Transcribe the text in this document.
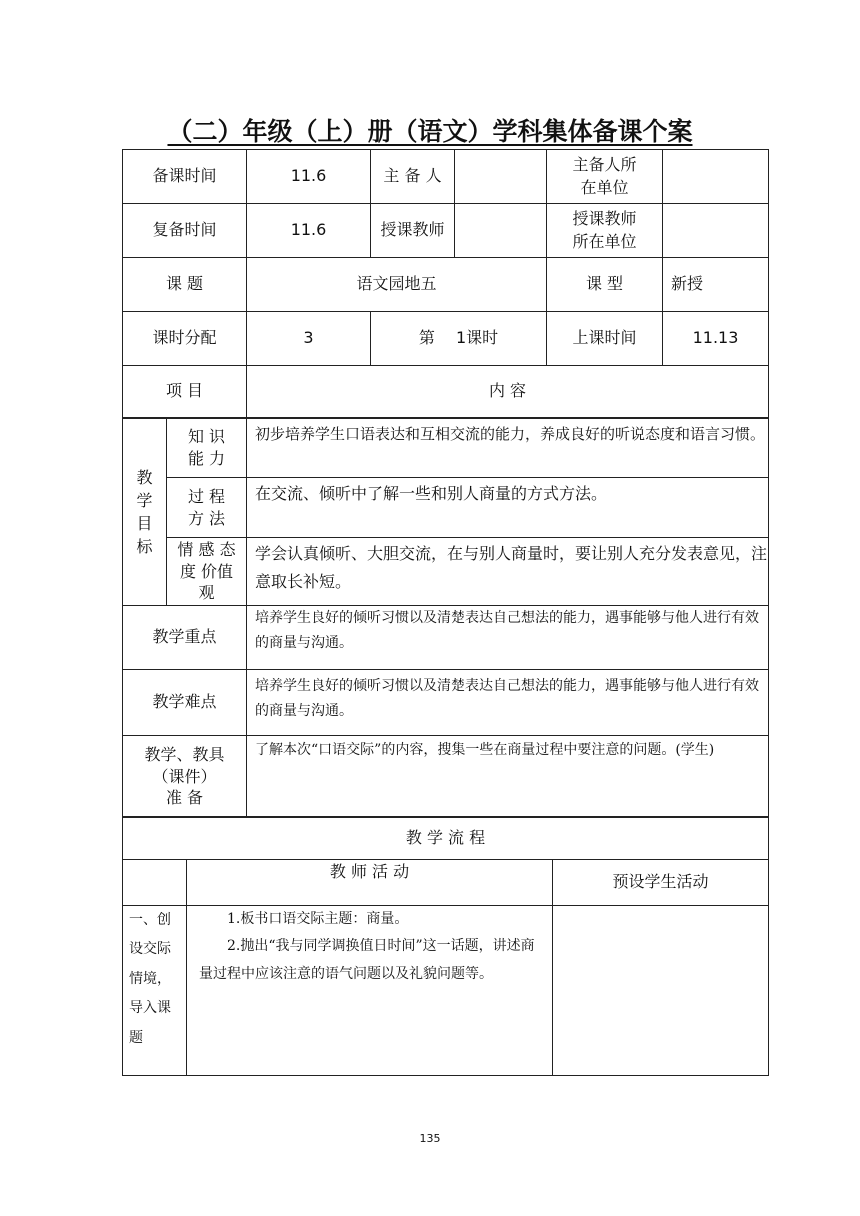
（二）年级（上）册（语文）学科集体备课个案
备课时间	11.6	主 备 人		主备人所在单位	
复备时间	11.6	授课教师		授课教师所在单位	
课 题	语文园地五			课 型	新授
课时分配	3	第　 1课时		上课时间	11.13
项 目	内 容				
教学目标	知 识 能 力	初步培养学生口语表达和互相交流的能力，养成良好的听说态度和语言习惯。
	过 程 方 法	在交流、倾听中了解一些和别人商量的方式方法。
	情 感 态 度 价值观	学会认真倾听、大胆交流，在与别人商量时，要让别人充分发表意见，注意取长补短。
教学重点		培养学生良好的倾听习惯以及清楚表达自己想法的能力，遇事能够与他人进行有效的商量与沟通。
教学难点		培养学生良好的倾听习惯以及清楚表达自己想法的能力，遇事能够与他人进行有效的商量与沟通。

教学、教具
（课件）
准 备		了解本次“口语交际”的内容，搜集一些在商量过程中要注意的问题。(学生)
教 学 流 程		
	教 师 活 动	预设学生活动
一、创设交际情境，导入课题	1.板书口语交际主题：商量。
2.抛出“我与同学调换值日时间”这一话题，讲述商量过程中应该注意的语气问题以及礼貌问题等。	

135
